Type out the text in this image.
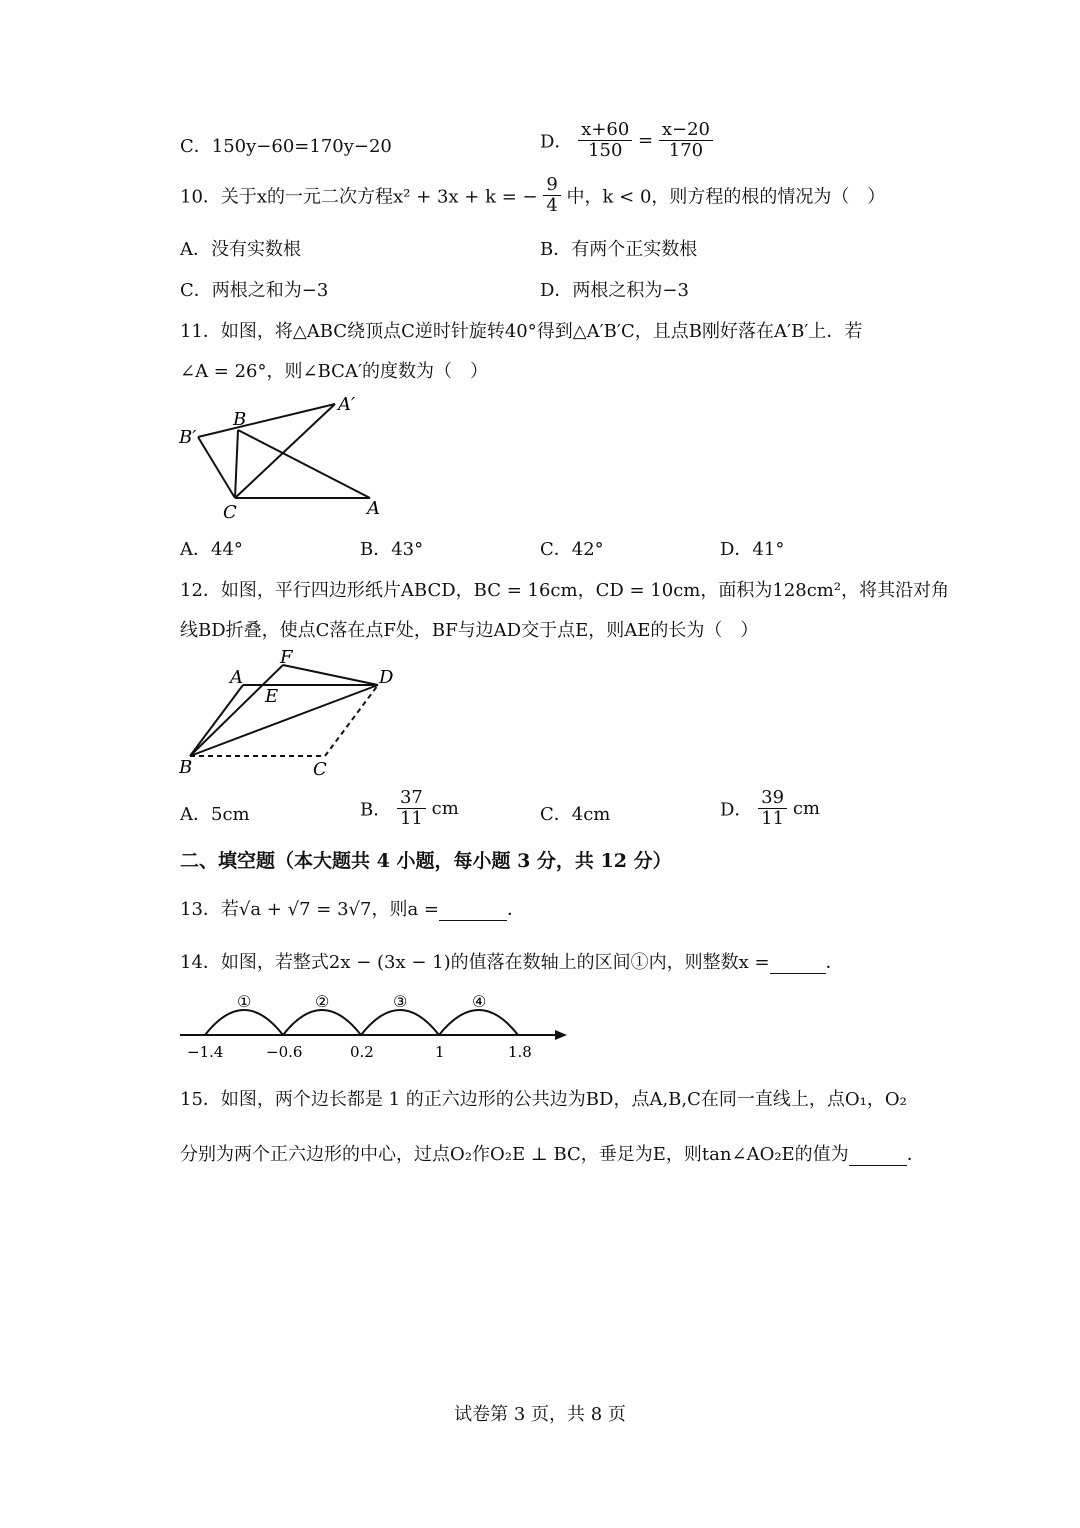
C．150y−60=170y−20	D． $\frac{x+60}{150} = \frac{x-20}{170}$
10．关于x的一元二次方程x² + 3x + k = − $\frac{9}{4}$ 中，k < 0，则方程的根的情况为（　）
A．没有实数根	B．有两个正实数根
C．两根之和为−3	D．两根之积为−3
11．如图，将△ABC绕顶点C逆时针旋转40°得到△A′B′C，且点B刚好落在A′B′上．若
∠A = 26°，则∠BCA′的度数为（　）
B
B′
A′
C	A
A．44°	B．43°	C．42°	D．41°
12．如图，平行四边形纸片ABCD，BC = 16cm，CD = 10cm，面积为128cm²，将其沿对角
线BD折叠，使点C落在点F处，BF与边AD交于点E，则AE的长为（　）
A
F
D
E
B	C
A．5cm	B． $\frac{37}{11}$ cm	C．4cm	D． $\frac{39}{11}$ cm
二、填空题（本大题共 4 小题，每小题 3 分，共 12 分）
13．若√a + √7 = 3√7，则a =	．
14．如图，若整式2x − (3x − 1)的值落在数轴上的区间①内，则整数x =	．
①	②	③	④
−1.4	−0.6	0.2	1	1.8
15．如图，两个边长都是 1 的正六边形的公共边为BD，点A,B,C在同一直线上，点O₁，O₂
分别为两个正六边形的中心，过点O₂作O₂E ⊥ BC，垂足为E，则tan∠AO₂E的值为	．
试卷第 3 页，共 8 页
